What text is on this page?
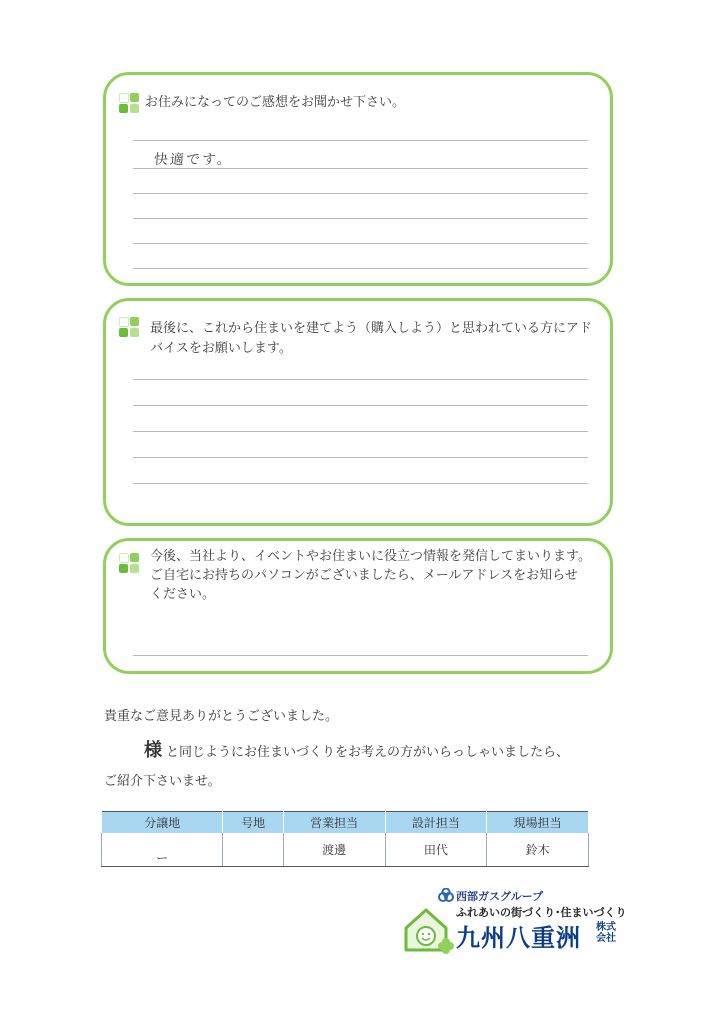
お住みになってのご感想をお聞かせ下さい。

快適です。

最後に、これから住まいを建てよう（購入しよう）と思われている方にアド

バイスをお願いします。

今後、当社より、イベントやお住まいに役立つ情報を発信してまいります。

ご自宅にお持ちのパソコンがございましたら、メールアドレスをお知らせ

ください。

貴重なご意見ありがとうございました。

様 と同じようにお住まいづくりをお考えの方がいらっしゃいましたら、

ご紹介下さいませ。

分譲地	号地	営業担当	設計担当	現場担当
ー		渡邊	田代	鈴木
西部ガスグループ
ふれあいの街づくり･住まいづくり
九州八重洲 株式会社
